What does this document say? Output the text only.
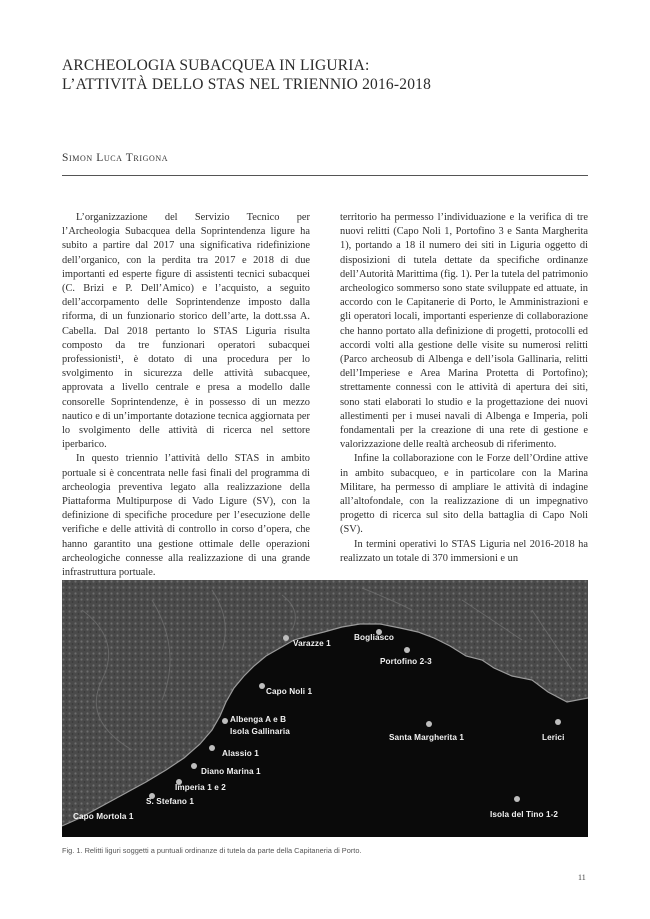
ARCHEOLOGIA SUBACQUEA IN LIGURIA:
L’ATTIVITÀ DELLO STAS NEL TRIENNIO 2016-2018
Simon Luca Trigona

L’organizzazione del Servizio Tecnico per l’Archeologia Subacquea della Soprintendenza ligure ha subito a partire dal 2017 una significativa ridefinizione dell’organico, con la perdita tra 2017 e 2018 di due importanti ed esperte figure di assistenti tecnici subacquei (C. Brizi e P. Dell’Amico) e l’acquisto, a seguito dell’accorpamento delle Soprintendenze imposto dalla riforma, di un funzionario storico dell’arte, la dott.ssa A. Cabella. Dal 2018 pertanto lo STAS Liguria risulta composto da tre funzionari operatori subacquei professionisti¹, è dotato di una procedura per lo svolgimento in sicurezza delle attività subacquee, approvata a livello centrale e presa a modello dalle consorelle Soprintendenze, è in possesso di un mezzo nautico e di un’importante dotazione tecnica aggiornata per lo svolgimento delle attività di ricerca nel settore iperbarico.

In questo triennio l’attività dello STAS in ambito portuale si è concentrata nelle fasi finali del programma di archeologia preventiva legato alla realizzazione della Piattaforma Multipurpose di Vado Ligure (SV), con la definizione di specifiche procedure per l’esecuzione delle verifiche e delle attività di controllo in corso d’opera, che hanno garantito una gestione ottimale delle operazioni archeologiche connesse alla realizzazione di una grande infrastruttura portuale.

territorio ha permesso l’individuazione e la verifica di tre nuovi relitti (Capo Noli 1, Portofino 3 e Santa Margherita 1), portando a 18 il numero dei siti in Liguria oggetto di disposizioni di tutela dettate da specifiche ordinanze dell’Autorità Marittima (fig. 1). Per la tutela del patrimonio archeologico sommerso sono state sviluppate ed attuate, in accordo con le Capitanerie di Porto, le Amministrazioni e gli operatori locali, importanti esperienze di collaborazione che hanno portato alla definizione di progetti, protocolli ed accordi volti alla gestione delle visite su numerosi relitti (Parco archeosub di Albenga e dell’isola Gallinaria, relitti dell’Imperiese e Area Marina Protetta di Portofino); strettamente connessi con le attività di apertura dei siti, sono stati elaborati lo studio e la progettazione dei nuovi allestimenti per i musei navali di Albenga e Imperia, poli fondamentali per la creazione di una rete di gestione e valorizzazione delle realtà archeosub di riferimento.

Infine la collaborazione con le Forze dell’Ordine attive in ambito subacqueo, e in particolare con la Marina Militare, ha permesso di ampliare le attività di indagine all’altofondale, con la realizzazione di un impegnativo progetto di ricerca sul sito della battaglia di Capo Noli (SV).

In termini operativi lo STAS Liguria nel 2016-2018 ha realizzato un totale di 370 immersioni e un

Varazze 1
Bogliasco
Portofino 2-3
Capo Noli 1
Albenga A e B
Isola Gallinaria
Santa Margherita 1	Lerici
Alassio 1
Diano Marina 1
Imperia 1 e 2
S. Stefano 1
Capo Mortola 1	Isola del Tino 1-2
Fig. 1. Relitti liguri soggetti a puntuali ordinanze di tutela da parte della Capitaneria di Porto.
11
